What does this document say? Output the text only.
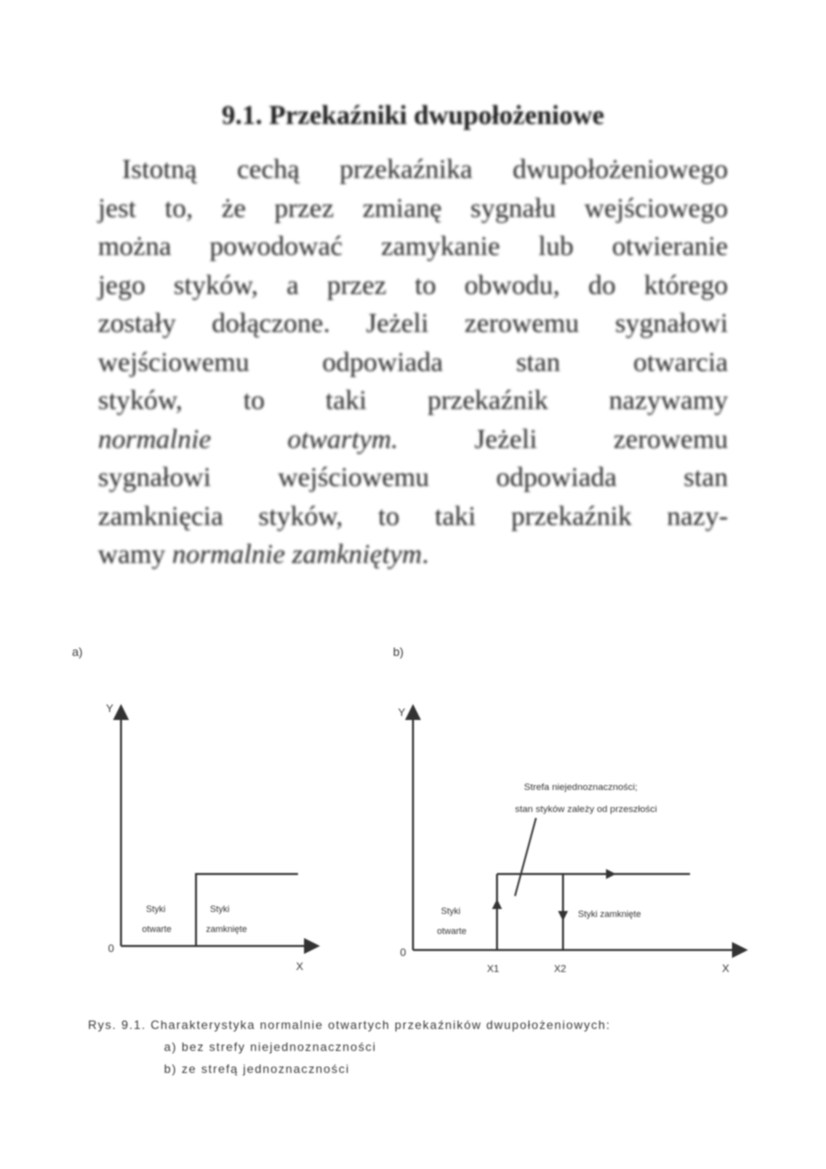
9.1. Przekaźniki dwupołożeniowe
Istotną cechą przekaźnika dwupołożeniowego
jest to, że przez zmianę sygnału wejściowego
można powodować zamykanie lub otwieranie
jego styków, a przez to obwodu, do którego
zostały dołączone. Jeżeli zerowemu sygnałowi
wejściowemu	odpowiada	stan	otwarcia
styków, to taki przekaźnik nazywamy
normalnie	otwartym.	Jeżeli	zerowemu
sygnałowi wejściowemu odpowiada stan
zamknięcia styków, to taki przekaźnik nazy-
wamy normalnie zamkniętym.
a)
Y
0
X
Styki
otwarte
Styki
zamknięte
b)
Y
0
X
X1	X2
Strefa niejednoznaczności;
stan styków zależy od przeszłości
Styki
otwarte
Styki zamknięte
Rys. 9.1. Charakterystyka normalnie otwartych przekaźników dwupołożeniowych:
a) bez strefy niejednoznaczności
b) ze strefą jednoznaczności
